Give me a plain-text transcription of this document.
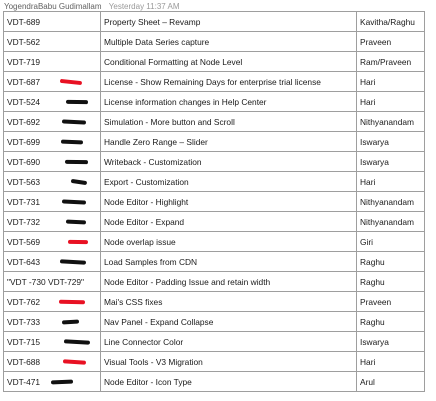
YogendraBabu Gudimallam Yesterday 11:37 AM
VDT-689	Property Sheet – Revamp	Kavitha/Raghu
VDT-562	Multiple Data Series capture	Praveen
VDT-719	Conditional Formatting at Node Level	Ram/Praveen
VDT-687	License - Show Remaining Days for enterprise trial license	Hari
VDT-524	License information changes in Help Center	Hari
VDT-692	Simulation - More button and Scroll	Nithyanandam
VDT-699	Handle Zero Range – Slider	Iswarya
VDT-690	Writeback - Customization	Iswarya
VDT-563	Export - Customization	Hari
VDT-731	Node Editor - Highlight	Nithyanandam
VDT-732	Node Editor - Expand	Nithyanandam
VDT-569	Node overlap issue	Giri
VDT-643	Load Samples from CDN	Raghu
"VDT -730 VDT-729"	Node Editor - Padding Issue and retain width	Raghu
VDT-762	Mai's CSS fixes	Praveen
VDT-733	Nav Panel - Expand Collapse	Raghu
VDT-715	Line Connector Color	Iswarya
VDT-688	Visual Tools - V3 Migration	Hari
VDT-471	Node Editor - Icon Type	Arul
